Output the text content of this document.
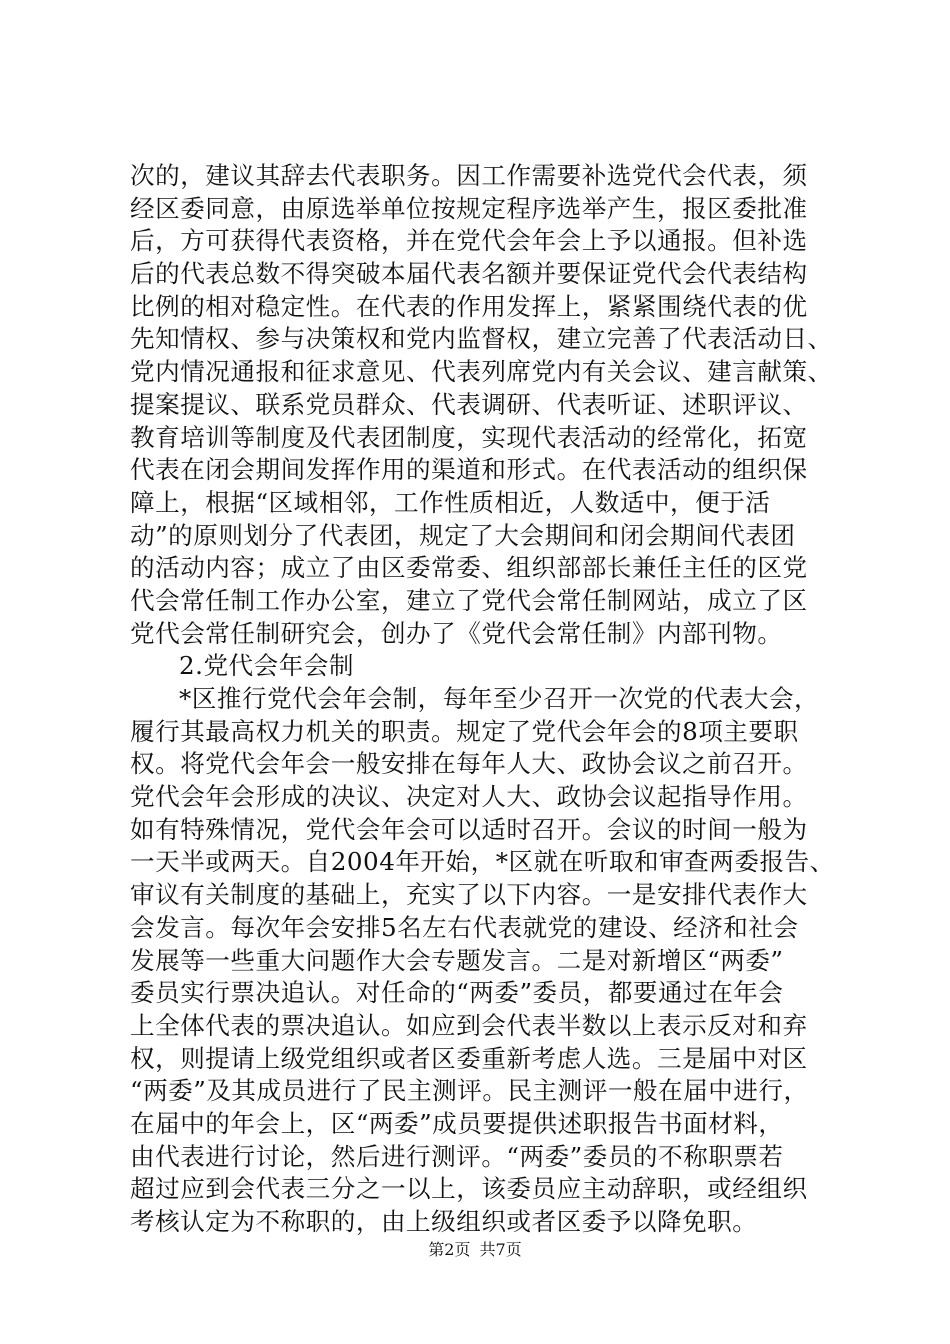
次的，建议其辞去代表职务。因工作需要补选党代会代表，须
经区委同意，由原选举单位按规定程序选举产生，报区委批准
后，方可获得代表资格，并在党代会年会上予以通报。但补选
后的代表总数不得突破本届代表名额并要保证党代会代表结构
比例的相对稳定性。在代表的作用发挥上，紧紧围绕代表的优
先知情权、参与决策权和党内监督权，建立完善了代表活动日、
党内情况通报和征求意见、代表列席党内有关会议、建言献策、
提案提议、联系党员群众、代表调研、代表听证、述职评议、
教育培训等制度及代表团制度，实现代表活动的经常化，拓宽
代表在闭会期间发挥作用的渠道和形式。在代表活动的组织保
障上，根据“区域相邻，工作性质相近，人数适中，便于活
动”的原则划分了代表团，规定了大会期间和闭会期间代表团
的活动内容；成立了由区委常委、组织部部长兼任主任的区党
代会常任制工作办公室，建立了党代会常任制网站，成立了区
党代会常任制研究会，创办了《党代会常任制》内部刊物。
2.党代会年会制
*区推行党代会年会制，每年至少召开一次党的代表大会，
履行其最高权力机关的职责。规定了党代会年会的8项主要职
权。将党代会年会一般安排在每年人大、政协会议之前召开。
党代会年会形成的决议、决定对人大、政协会议起指导作用。
如有特殊情况，党代会年会可以适时召开。会议的时间一般为
一天半或两天。自2004年开始，*区就在听取和审查两委报告、
审议有关制度的基础上，充实了以下内容。一是安排代表作大
会发言。每次年会安排5名左右代表就党的建设、经济和社会
发展等一些重大问题作大会专题发言。二是对新增区“两委”
委员实行票决追认。对任命的“两委”委员，都要通过在年会
上全体代表的票决追认。如应到会代表半数以上表示反对和弃
权，则提请上级党组织或者区委重新考虑人选。三是届中对区
“两委”及其成员进行了民主测评。民主测评一般在届中进行，
在届中的年会上，区“两委”成员要提供述职报告书面材料，
由代表进行讨论，然后进行测评。“两委”委员的不称职票若
超过应到会代表三分之一以上，该委员应主动辞职，或经组织
考核认定为不称职的，由上级组织或者区委予以降免职。
第2页 共7页
